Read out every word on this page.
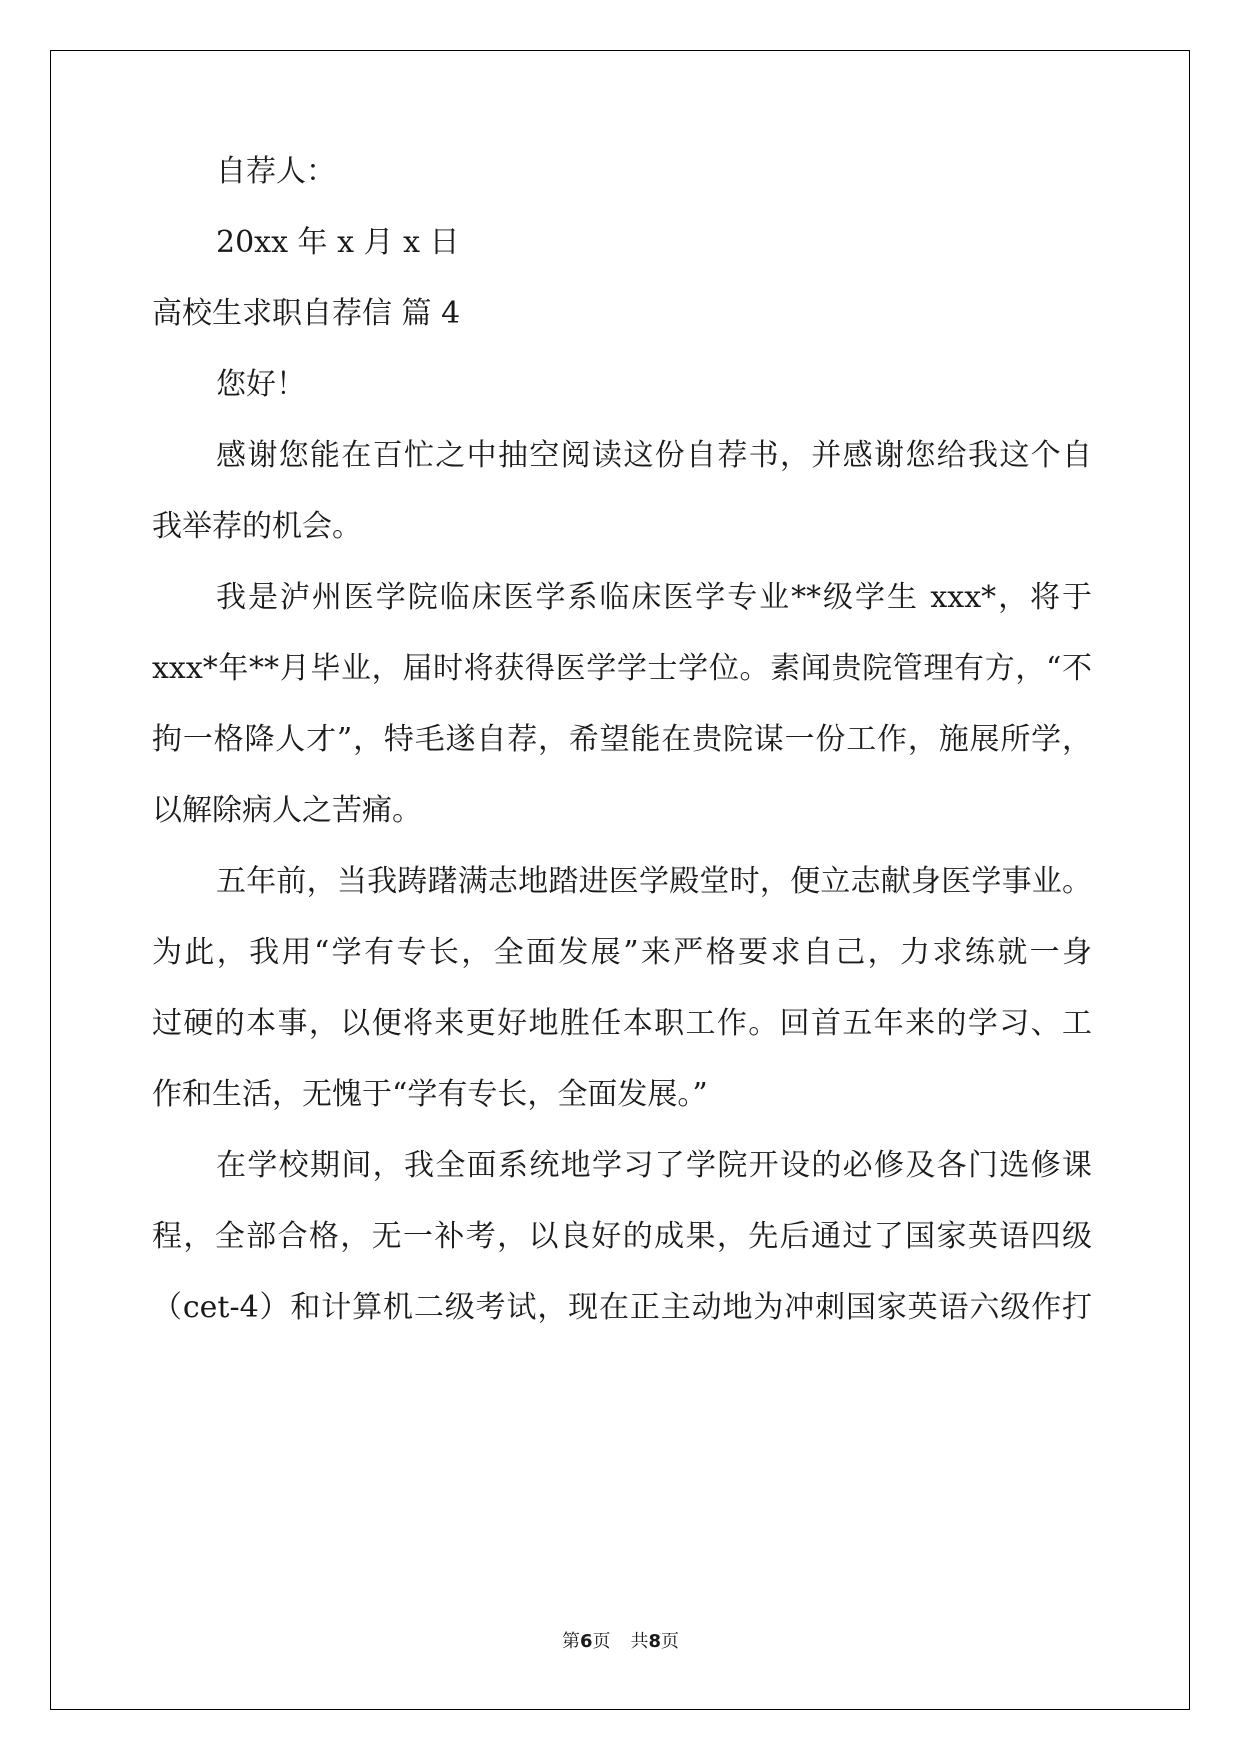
自荐人：
20xx 年 x 月 x 日
高校生求职自荐信 篇 4
您好！
感谢您能在百忙之中抽空阅读这份自荐书，并感谢您给我这个自
我举荐的机会。
我是泸州医学院临床医学系临床医学专业**级学生 xxx*，将于
xxx*年**月毕业，届时将获得医学学士学位。素闻贵院管理有方，“不
拘一格降人才”，特毛遂自荐，希望能在贵院谋一份工作，施展所学，
以解除病人之苦痛。
五年前，当我踌躇满志地踏进医学殿堂时，便立志献身医学事业。
为此，我用“学有专长，全面发展”来严格要求自己，力求练就一身
过硬的本事，以便将来更好地胜任本职工作。回首五年来的学习、工
作和生活，无愧于“学有专长，全面发展。”
在学校期间，我全面系统地学习了学院开设的必修及各门选修课
程，全部合格，无一补考，以良好的成果，先后通过了国家英语四级
（cet-4）和计算机二级考试，现在正主动地为冲刺国家英语六级作打
第6页 共8页
